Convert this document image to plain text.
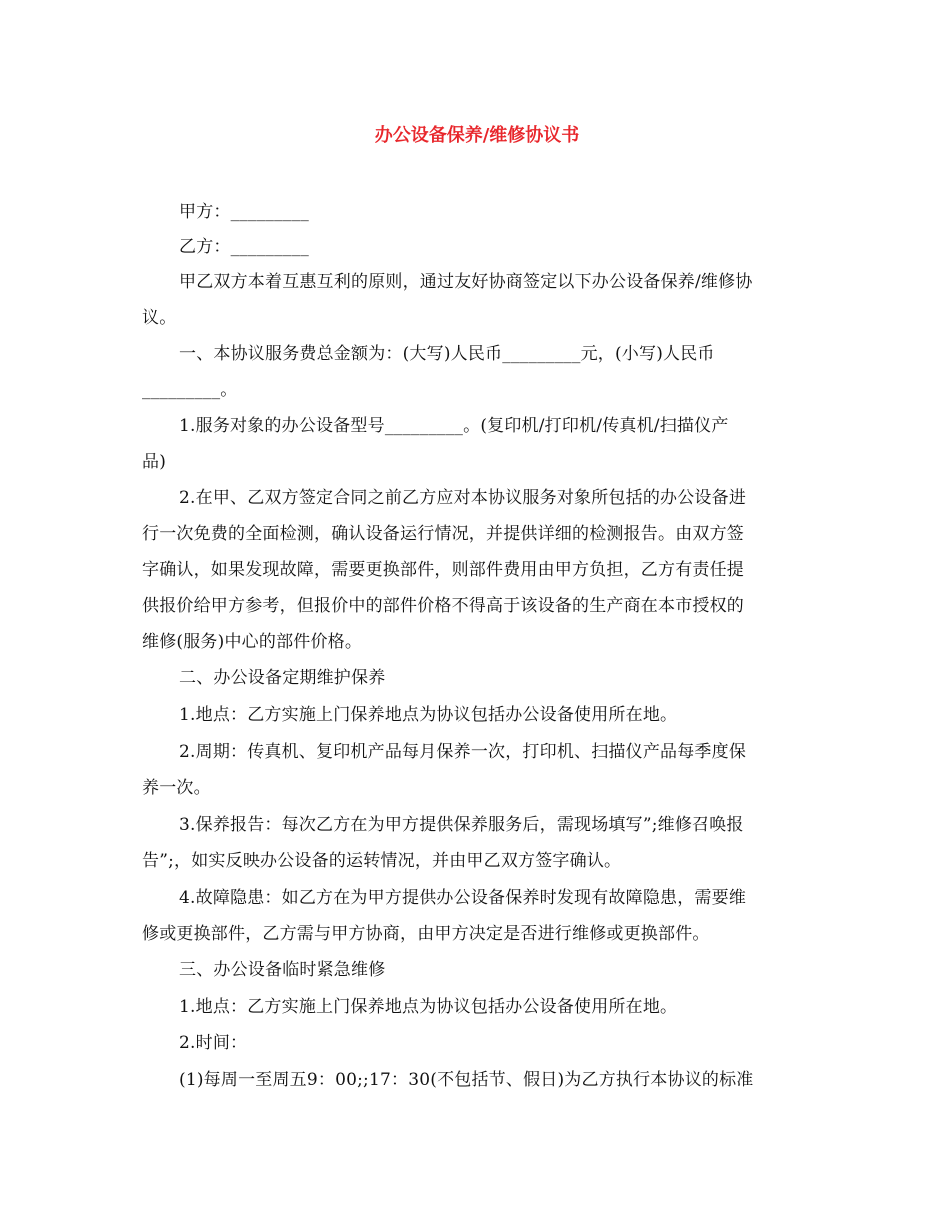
办公设备保养/维修协议书

甲方：_________

乙方：_________

甲乙双方本着互惠互利的原则，通过友好协商签定以下办公设备保养/维修协

议。

一、本协议服务费总金额为：(大写)人民币_________元，(小写)人民币

_________。

1.服务对象的办公设备型号_________。(复印机/打印机/传真机/扫描仪产

品)

2.在甲、乙双方签定合同之前乙方应对本协议服务对象所包括的办公设备进

行一次免费的全面检测，确认设备运行情况，并提供详细的检测报告。由双方签

字确认，如果发现故障，需要更换部件，则部件费用由甲方负担，乙方有责任提

供报价给甲方参考，但报价中的部件价格不得高于该设备的生产商在本市授权的

维修(服务)中心的部件价格。

二、办公设备定期维护保养

1.地点：乙方实施上门保养地点为协议包括办公设备使用所在地。

2.周期：传真机、复印机产品每月保养一次，打印机、扫描仪产品每季度保

养一次。

3.保养报告：每次乙方在为甲方提供保养服务后，需现场填写”;维修召唤报

告”;，如实反映办公设备的运转情况，并由甲乙双方签字确认。

4.故障隐患：如乙方在为甲方提供办公设备保养时发现有故障隐患，需要维

修或更换部件，乙方需与甲方协商，由甲方决定是否进行维修或更换部件。

三、办公设备临时紧急维修

1.地点：乙方实施上门保养地点为协议包括办公设备使用所在地。

2.时间：

(1)每周一至周五9：00;;17：30(不包括节、假日)为乙方执行本协议的标准
